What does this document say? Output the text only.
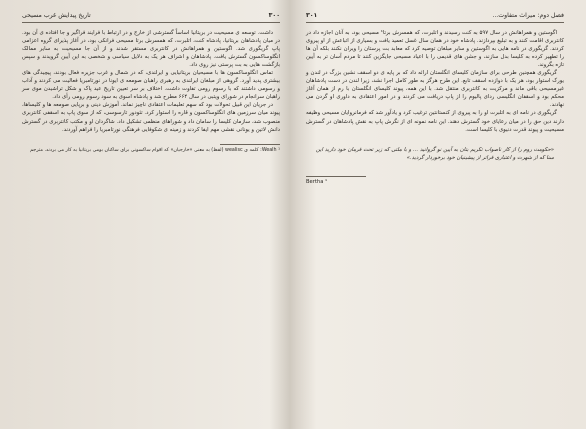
۳۰۰
تاریخ پیدایش غرب مسیحی

داشت. توسعه ی مسیحیت در بریتانیا اساساً گسترشی از خارج و در ارتباط با فرایند فراگیر و جا افتاده ی آن بود. در میان پادشاهان بریتانیا، پادشاه کنت، اتلبرت، که همسرش برتا مسیحی فرانکی بود، در آغاز پذیرای گروه اعزامی پاپ گریگوری شد. اگوستین و همراهانش در کانتربری مستقر شدند و از آن جا مسیحیت به سایر ممالک انگلوساکسون گسترش یافت. پادشاهان و اشراف هر یک به دلایل سیاسی و شخصی به این آیین گرویدند و سپس بازگشت هایی به بت پرستی نیز روی داد.

تماس انگلوساکسون ها با مسیحیان بریتانیایی و ایرلندی، که در شمال و غرب جزیره فعال بودند، پیچیدگی های بیشتری پدید آورد. گروهی از مبلغان ایرلندی به رهبری راهبان صومعه ی ایونا در نورتامبریا فعالیت می کردند و آداب و رسومی داشتند که با رسوم رومی تفاوت داشت. اختلاف بر سر تعیین تاریخ عید پاک و شکل تراشیدن موی سر راهبان سرانجام در شورای ویتبی در سال ۶۶۴ مطرح شد و پادشاه اسوی به سود رسوم رومی رأی داد.

در جریان این قبیل تحولات بود که سهم تعلیمات اعتقادی ناچیز نماند. آموزش دینی و برپایی صومعه ها و کلیساها، پیوند میان سرزمین های انگلوساکسون و قاره را استوار کرد. تئودور تارسوسی، که از سوی پاپ به اسقفی کانتربری منصوب شد، سازمان کلیسا را سامان داد و شوراهای منظمی تشکیل داد. شاگردان او و مکتب کانتربری در گسترش دانش لاتین و یونانی نقشی مهم ایفا کردند و زمینه ی شکوفایی فرهنگی نورتامبریا را فراهم آوردند.

Wealh ¹: کلمه ی wealisc (لفظ) به معنی «خارجیان» که اقوام ساکسونی برای ساکنان بومی بریتانیا به کار می بردند. مترجم
فصل دوم: میراث متفاوت...
۳۰۱

اگوستین و همراهانش در سال ۵۹۷ به کنت رسیدند و اتلبرت، که همسرش برتا¹ مسیحی بود، به آنان اجازه داد در کانتربری اقامت کنند و به تبلیغ بپردازند. پادشاه خود در همان سال غسل تعمید یافت و بسیاری از اتباعش از او پیروی کردند. گریگوری در نامه هایی به اگوستین و سایر مبلغان توصیه کرد که معابد بت پرستان را ویران نکنند بلکه آن ها را تطهیر کرده به کلیسا بدل سازند، و جشن های قدیمی را با اعیاد مسیحی جایگزین کنند تا مردم آسان تر به آیین تازه بگروند.

گریگوری همچنین طرحی برای سازمان کلیسای انگلستان ارائه داد که بر پایه ی دو اسقف نشین بزرگ در لندن و یورک استوار بود، هر یک با دوازده اسقف تابع. این طرح هرگز به طور کامل اجرا نشد، زیرا لندن در دست پادشاهان غیرمسیحی باقی ماند و مرکزیت به کانتربری منتقل شد. با این همه، پیوند کلیسای انگلستان با رم از همان آغاز محکم بود و اسقفان انگلیسی ردای پالیوم را از پاپ دریافت می کردند و در امور اعتقادی به داوری او گردن می نهادند.

گریگوری در نامه ای به اتلبرت او را به پیروی از کنستانتین ترغیب کرد و یادآور شد که فرمانروایان مسیحی وظیفه دارند دین حق را در میان رعایای خود گسترش دهند. این نامه نمونه ای از نگرش پاپ به نقش پادشاهان در گسترش مسیحیت و پیوند قدرت دنیوی با کلیسا است.

«حکومت روم را از کار ناصواب تکریم بتان به آیین نو گروانید ... و با ملتی که زیر تحت فرمان خود دارید این سنا که از شهرت و اعتباری فراتر از پیشینیان خود برخوردار گردید.»
Bertha ¹
